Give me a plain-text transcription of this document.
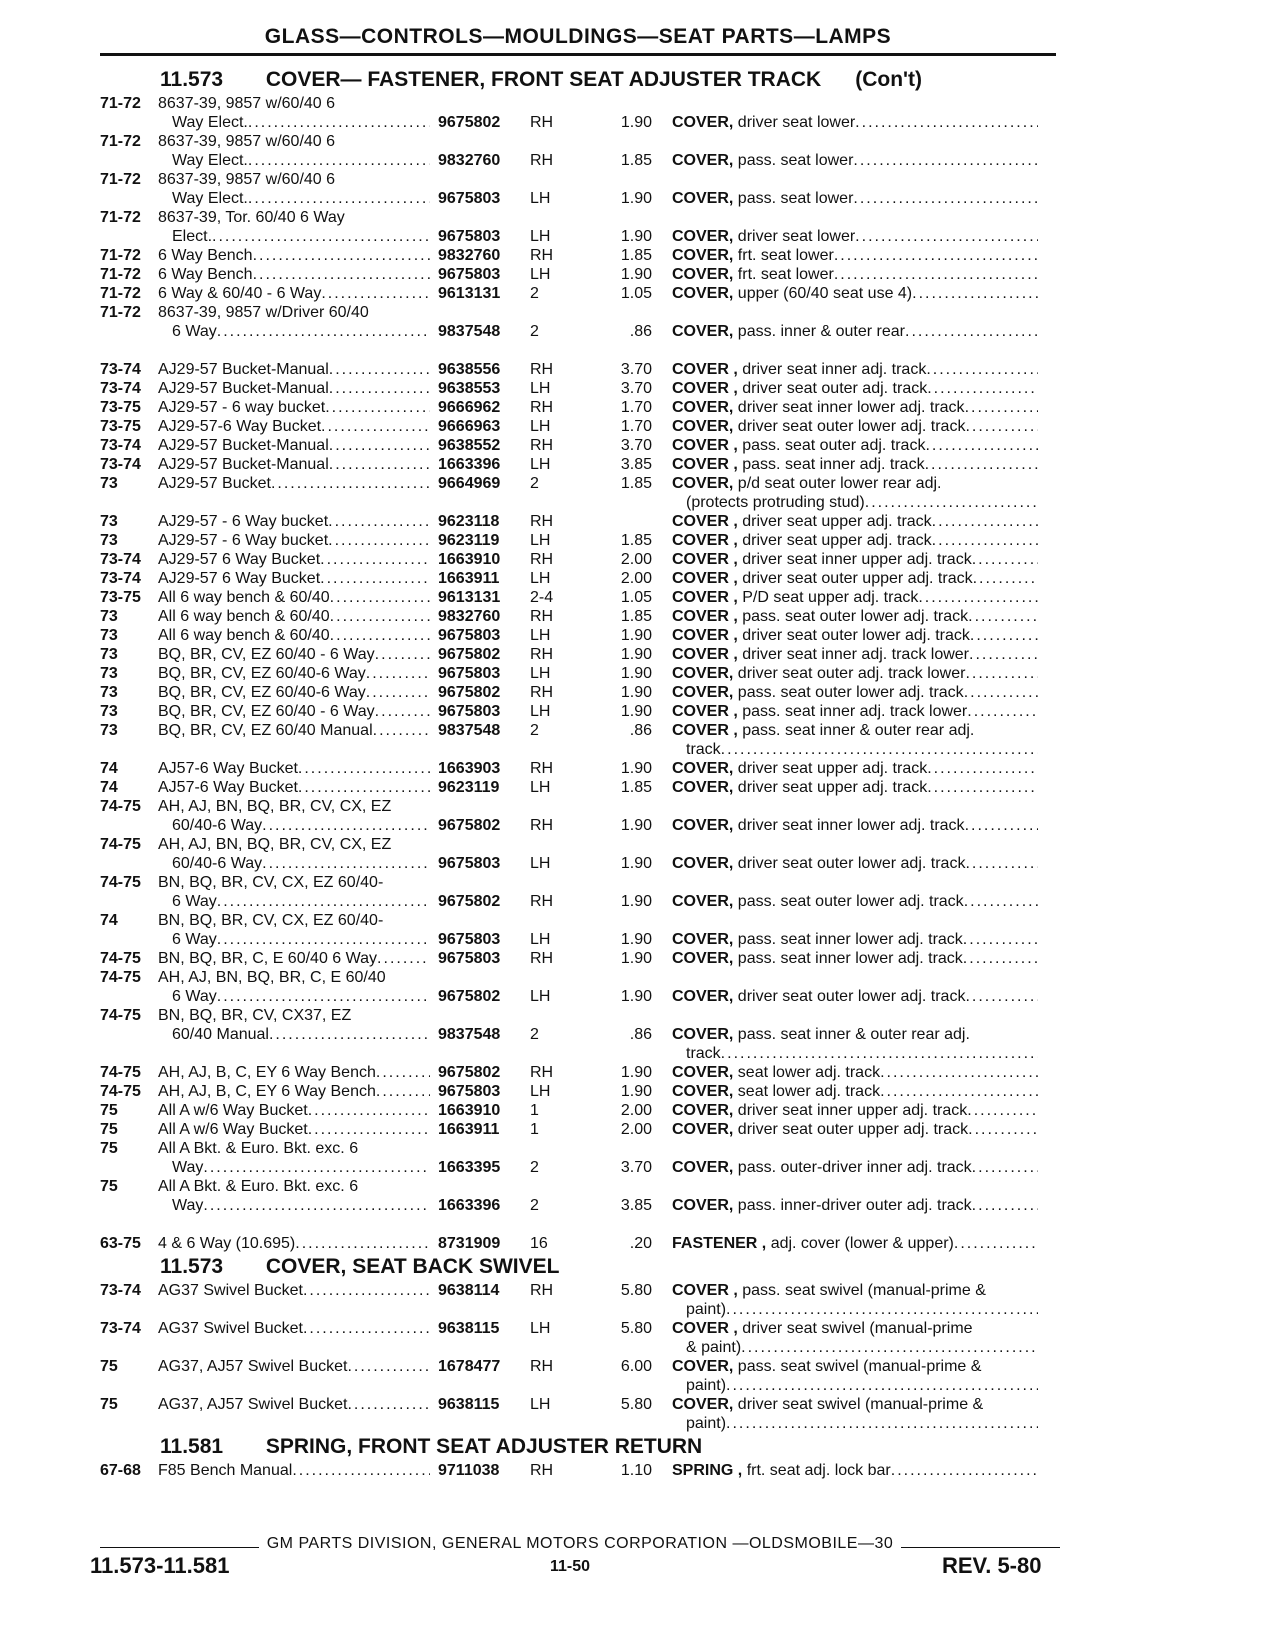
GLASS—CONTROLS—MOULDINGS—SEAT PARTS—LAMPS
11.573 COVER— FASTENER, FRONT SEAT ADJUSTER TRACK (Con't)
71-72	8637-39, 9857 w/60/40 6
Way Elect. .....	9675802	RH	1.90 COVER, driver seat lower
.....
71-72	8637-39, 9857 w/60/40 6
Way Elect. .....	9832760	RH	1.85 COVER, pass. seat lower
.....
71-72	8637-39, 9857 w/60/40 6
Way Elect. .....	9675803	LH	1.90 COVER, pass. seat lower
.....
71-72	8637-39, Tor. 60/40 6 Way
Elect. .....	9675803	LH	1.90 COVER, driver seat lower
.....
71-72	6 Way Bench .....	9832760	RH	1.85 COVER, frt. seat lower
.....
71-72	6 Way Bench .....	9675803	LH	1.90 COVER, frt. seat lower
.....
71-72	6 Way & 60/40 - 6 Way .....	9613131	2	1.05 COVER, upper (60/40 seat use 4)
.....
71-72	8637-39, 9857 w/Driver 60/40
6 Way .....	9837548	2	.86 COVER, pass. inner & outer rear
.....
73-74	AJ29-57 Bucket-Manual .....	9638556	RH	3.70 COVER , driver seat inner adj. track
.....
73-74	AJ29-57 Bucket-Manual .....	9638553	LH	3.70 COVER , driver seat outer adj. track
.....
73-75	AJ29-57 - 6 way bucket .....	9666962	RH	1.70 COVER, driver seat inner lower adj. track
.....
73-75	AJ29-57-6 Way Bucket .....	9666963	LH	1.70 COVER, driver seat outer lower adj. track
.....
73-74	AJ29-57 Bucket-Manual .....	9638552	RH	3.70 COVER , pass. seat outer adj. track
.....
73-74	AJ29-57 Bucket-Manual .....	1663396	LH	3.85 COVER , pass. seat inner adj. track
.....
73	AJ29-57 Bucket .....	9664969	2	1.85 COVER, p/d seat outer lower rear adj.
(protects protruding stud)
.....
73	AJ29-57 - 6 Way bucket .....	9623118	RH	COVER , driver seat upper adj. track
.....
73	AJ29-57 - 6 Way bucket .....	9623119	LH	1.85 COVER , driver seat upper adj. track
.....
73-74	AJ29-57 6 Way Bucket .....	1663910	RH	2.00 COVER , driver seat inner upper adj. track
.....
73-74	AJ29-57 6 Way Bucket .....	1663911	LH	2.00 COVER , driver seat outer upper adj. track
.....
73-75	All 6 way bench & 60/40 .....	9613131	2-4	1.05 COVER , P/D seat upper adj. track
.....
73	All 6 way bench & 60/40 .....	9832760	RH	1.85 COVER , pass. seat outer lower adj. track
.....
73	All 6 way bench & 60/40 .....	9675803	LH	1.90 COVER , driver seat outer lower adj. track
.....
73	BQ, BR, CV, EZ 60/40 - 6 Way .....	9675802	RH	1.90 COVER , driver seat inner adj. track lower
.....
73	BQ, BR, CV, EZ 60/40-6 Way .....	9675803	LH	1.90 COVER, driver seat outer adj. track lower
.....
73	BQ, BR, CV, EZ 60/40-6 Way .....	9675802	RH	1.90 COVER, pass. seat outer lower adj. track
.....
73	BQ, BR, CV, EZ 60/40 - 6 Way .....	9675803	LH	1.90 COVER , pass. seat inner adj. track lower
.....
73	BQ, BR, CV, EZ 60/40 Manual .....	9837548	2	.86 COVER , pass. seat inner & outer rear adj.
track
.....
74	AJ57-6 Way Bucket .....	1663903	RH	1.90 COVER, driver seat upper adj. track
.....
74	AJ57-6 Way Bucket .....	9623119	LH	1.85 COVER, driver seat upper adj. track
.....
74-75	AH, AJ, BN, BQ, BR, CV, CX, EZ
60/40-6 Way .....	9675802	RH	1.90 COVER, driver seat inner lower adj. track
.....
74-75	AH, AJ, BN, BQ, BR, CV, CX, EZ
60/40-6 Way .....	9675803	LH	1.90 COVER, driver seat outer lower adj. track
.....
74-75	BN, BQ, BR, CV, CX, EZ 60/40-
6 Way .....	9675802	RH	1.90 COVER, pass. seat outer lower adj. track
.....
74	BN, BQ, BR, CV, CX, EZ 60/40-
6 Way .....	9675803	LH	1.90 COVER, pass. seat inner lower adj. track
.....
74-75	BN, BQ, BR, C, E 60/40 6 Way .....	9675803	RH	1.90 COVER, pass. seat inner lower adj. track
.....
74-75	AH, AJ, BN, BQ, BR, C, E 60/40
6 Way .....	9675802	LH	1.90 COVER, driver seat outer lower adj. track
.....
74-75	BN, BQ, BR, CV, CX37, EZ
60/40 Manual .....	9837548	2	.86 COVER, pass. seat inner & outer rear adj.
track
.....
74-75	AH, AJ, B, C, EY 6 Way Bench .....	9675802	RH	1.90 COVER, seat lower adj. track
.....
74-75	AH, AJ, B, C, EY 6 Way Bench .....	9675803	LH	1.90 COVER, seat lower adj. track
.....
75	All A w/6 Way Bucket .....	1663910	1	2.00 COVER, driver seat inner upper adj. track
.....
75	All A w/6 Way Bucket .....	1663911	1	2.00 COVER, driver seat outer upper adj. track
.....
75	All A Bkt. & Euro. Bkt. exc. 6
Way .....	1663395	2	3.70 COVER, pass. outer-driver inner adj. track
.....
75	All A Bkt. & Euro. Bkt. exc. 6
Way .....	1663396	2	3.85 COVER, pass. inner-driver outer adj. track
.....
63-75	4 & 6 Way (10.695) .....	8731909	16	.20 FASTENER , adj. cover (lower & upper)
.....
11.573 COVER, SEAT BACK SWIVEL
73-74	AG37 Swivel Bucket .....	9638114	RH	5.80 COVER , pass. seat swivel (manual-prime &
paint)
.....
73-74	AG37 Swivel Bucket .....	9638115	LH	5.80 COVER , driver seat swivel (manual-prime
& paint)
.....
75	AG37, AJ57 Swivel Bucket .....	1678477	RH	6.00 COVER, pass. seat swivel (manual-prime &
paint)
.....
75	AG37, AJ57 Swivel Bucket .....	9638115	LH	5.80 COVER, driver seat swivel (manual-prime &
paint)
.....
11.581 SPRING, FRONT SEAT ADJUSTER RETURN
67-68	F85 Bench Manual .....	9711038	RH	1.10 SPRING , frt. seat adj. lock bar
.....
GM PARTS DIVISION, GENERAL MOTORS CORPORATION —OLDSMOBILE—30
11.573-11.581	11-50	REV. 5-80
